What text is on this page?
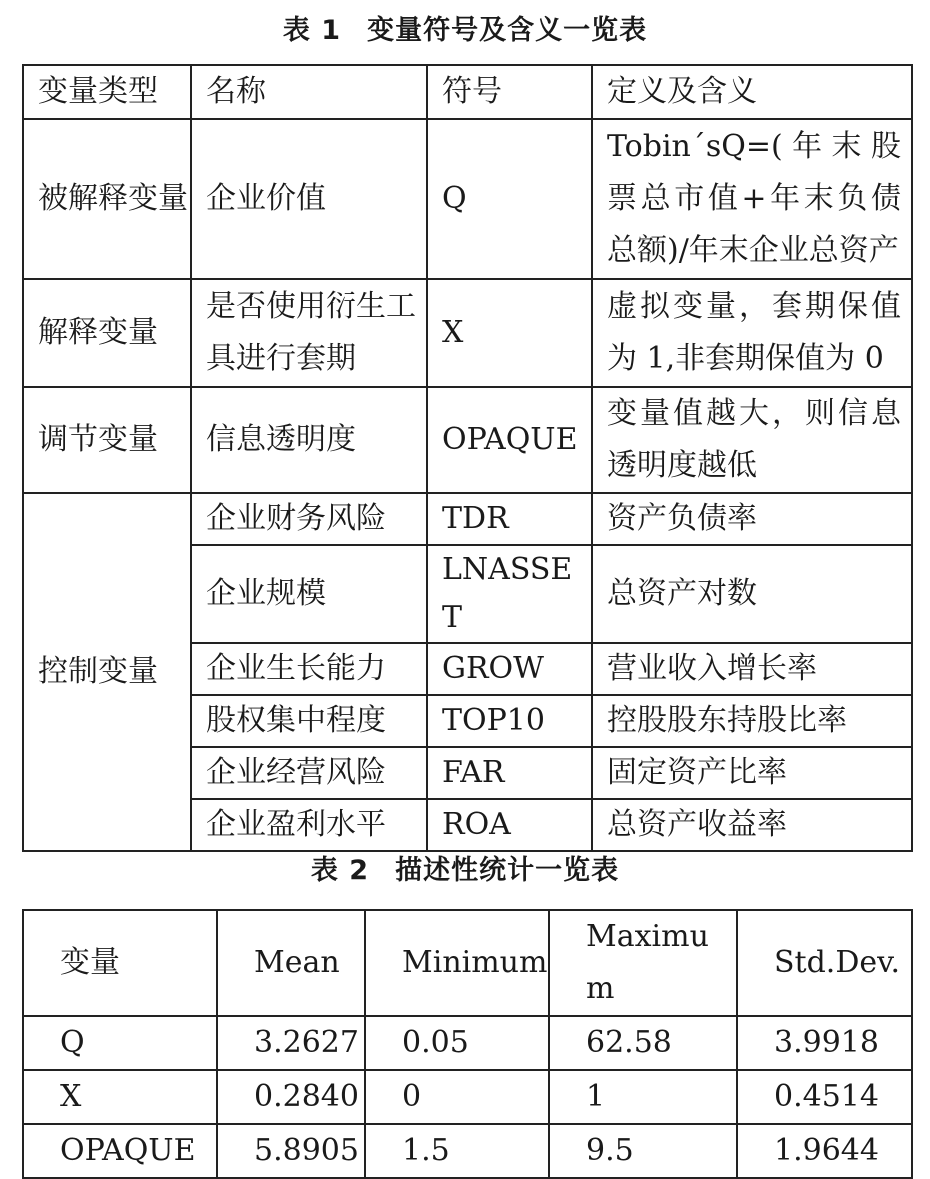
表 1 变量符号及含义一览表
变量类型	名称	符号	定义及含义
被解释变量	企业价值	Q	Tobin´sQ=(年末股票总市值+年末负债总额)/年末企业总资产
解释变量	是否使用衍生工具进行套期	X	虚拟变量，套期保值为 1,非套期保值为 0
调节变量	信息透明度	OPAQUE	变量值越大，则信息透明度越低
控制变量	企业财务风险	TDR	资产负债率
	企业规模	LNASSET	总资产对数
	企业生长能力	GROW	营业收入增长率
	股权集中程度	TOP10	控股股东持股比率
	企业经营风险	FAR	固定资产比率
	企业盈利水平	ROA	总资产收益率
表 2 描述性统计一览表
变量	Mean	Minimum	Maximum	Std.Dev.
Q	3.2627	0.05	62.58	3.9918
X	0.2840	0	1	0.4514
OPAQUE	5.8905	1.5	9.5	1.9644
